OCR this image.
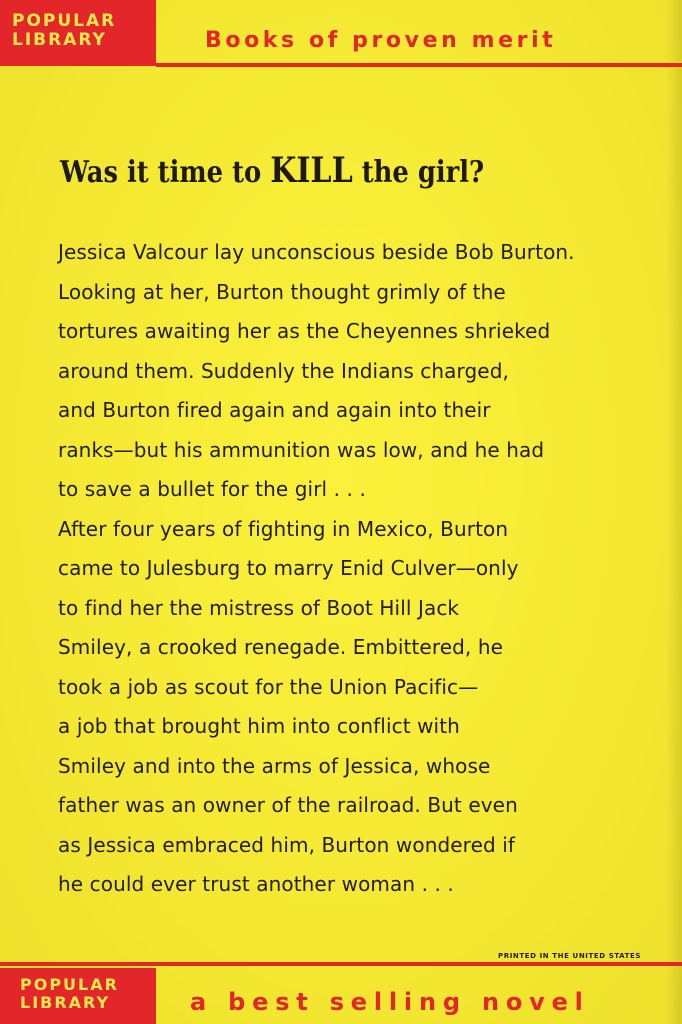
POPULAR
LIBRARY	Books of proven merit
Was it time to KILL the girl?
Jessica Valcour lay unconscious beside Bob Burton.
Looking at her, Burton thought grimly of the
tortures awaiting her as the Cheyennes shrieked
around them. Suddenly the Indians charged,
and Burton fired again and again into their
ranks—but his ammunition was low, and he had
to save a bullet for the girl . . .
After four years of fighting in Mexico, Burton
came to Julesburg to marry Enid Culver—only
to find her the mistress of Boot Hill Jack
Smiley, a crooked renegade. Embittered, he
took a job as scout for the Union Pacific—
a job that brought him into conflict with
Smiley and into the arms of Jessica, whose
father was an owner of the railroad. But even
as Jessica embraced him, Burton wondered if
he could ever trust another woman . . .
PRINTED IN THE UNITED STATES
POPULAR
LIBRARY	a best selling novel
